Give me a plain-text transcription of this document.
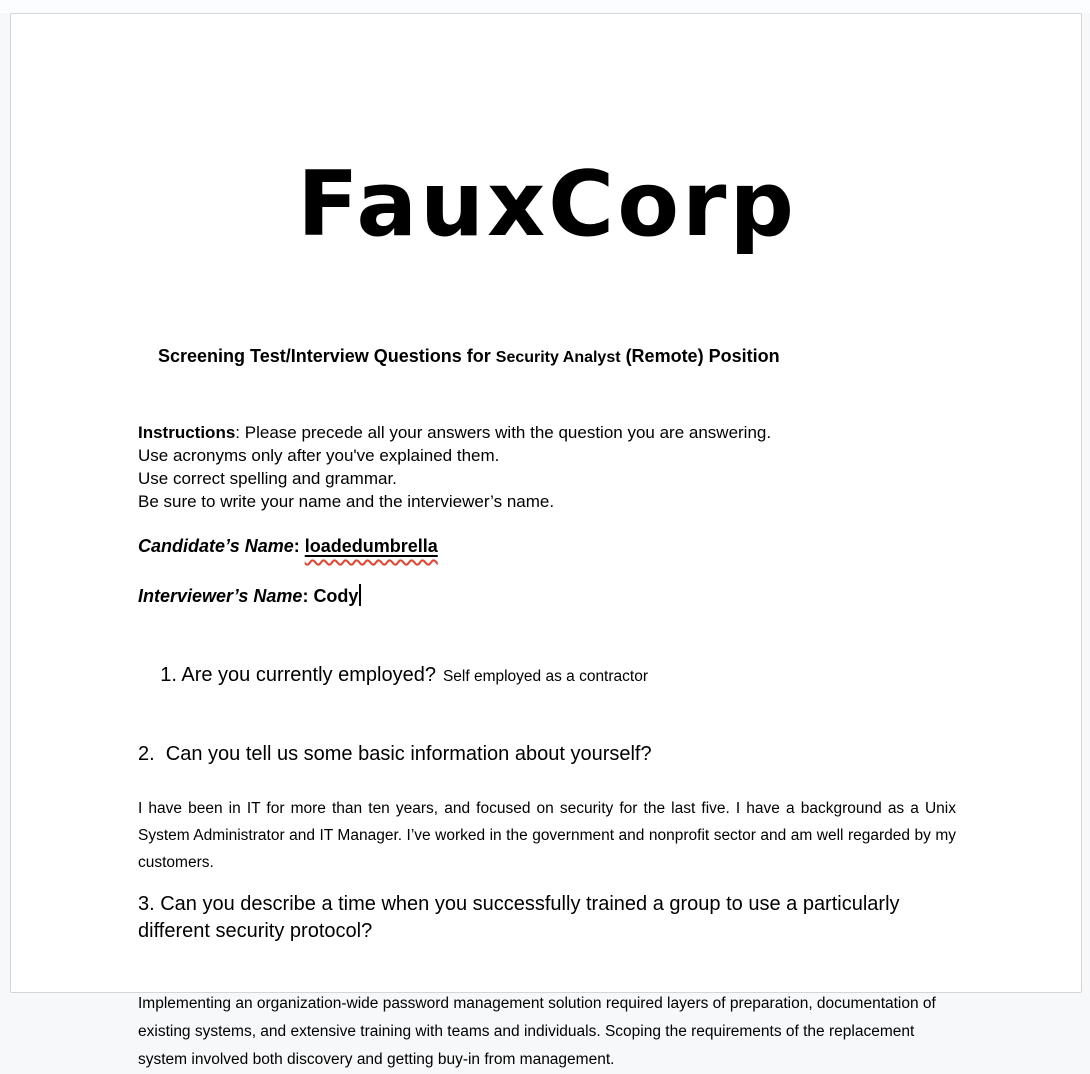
FauxCorp

Screening Test/Interview Questions for Security Analyst (Remote) Position

Instructions: Please precede all your answers with the question you are answering.
Use acronyms only after you've explained them.
Use correct spelling and grammar.
Be sure to write your name and the interviewer’s name.
Candidate’s Name: loadedumbrella
Interviewer’s Name: Cody

1. Are you currently employed? Self employed as a contractor

2.  Can you tell us some basic information about yourself?
I have been in IT for more than ten years, and focused on security for the last five. I have a background as a Unix System Administrator and IT Manager. I’ve worked in the government and nonprofit sector and am well regarded by my customers.
3. Can you describe a time when you successfully trained a group to use a particularly different security protocol?
Implementing an organization-wide password management solution required layers of preparation, documentation of existing systems, and extensive training with teams and individuals. Scoping the requirements of the replacement system involved both discovery and getting buy-in from management.
